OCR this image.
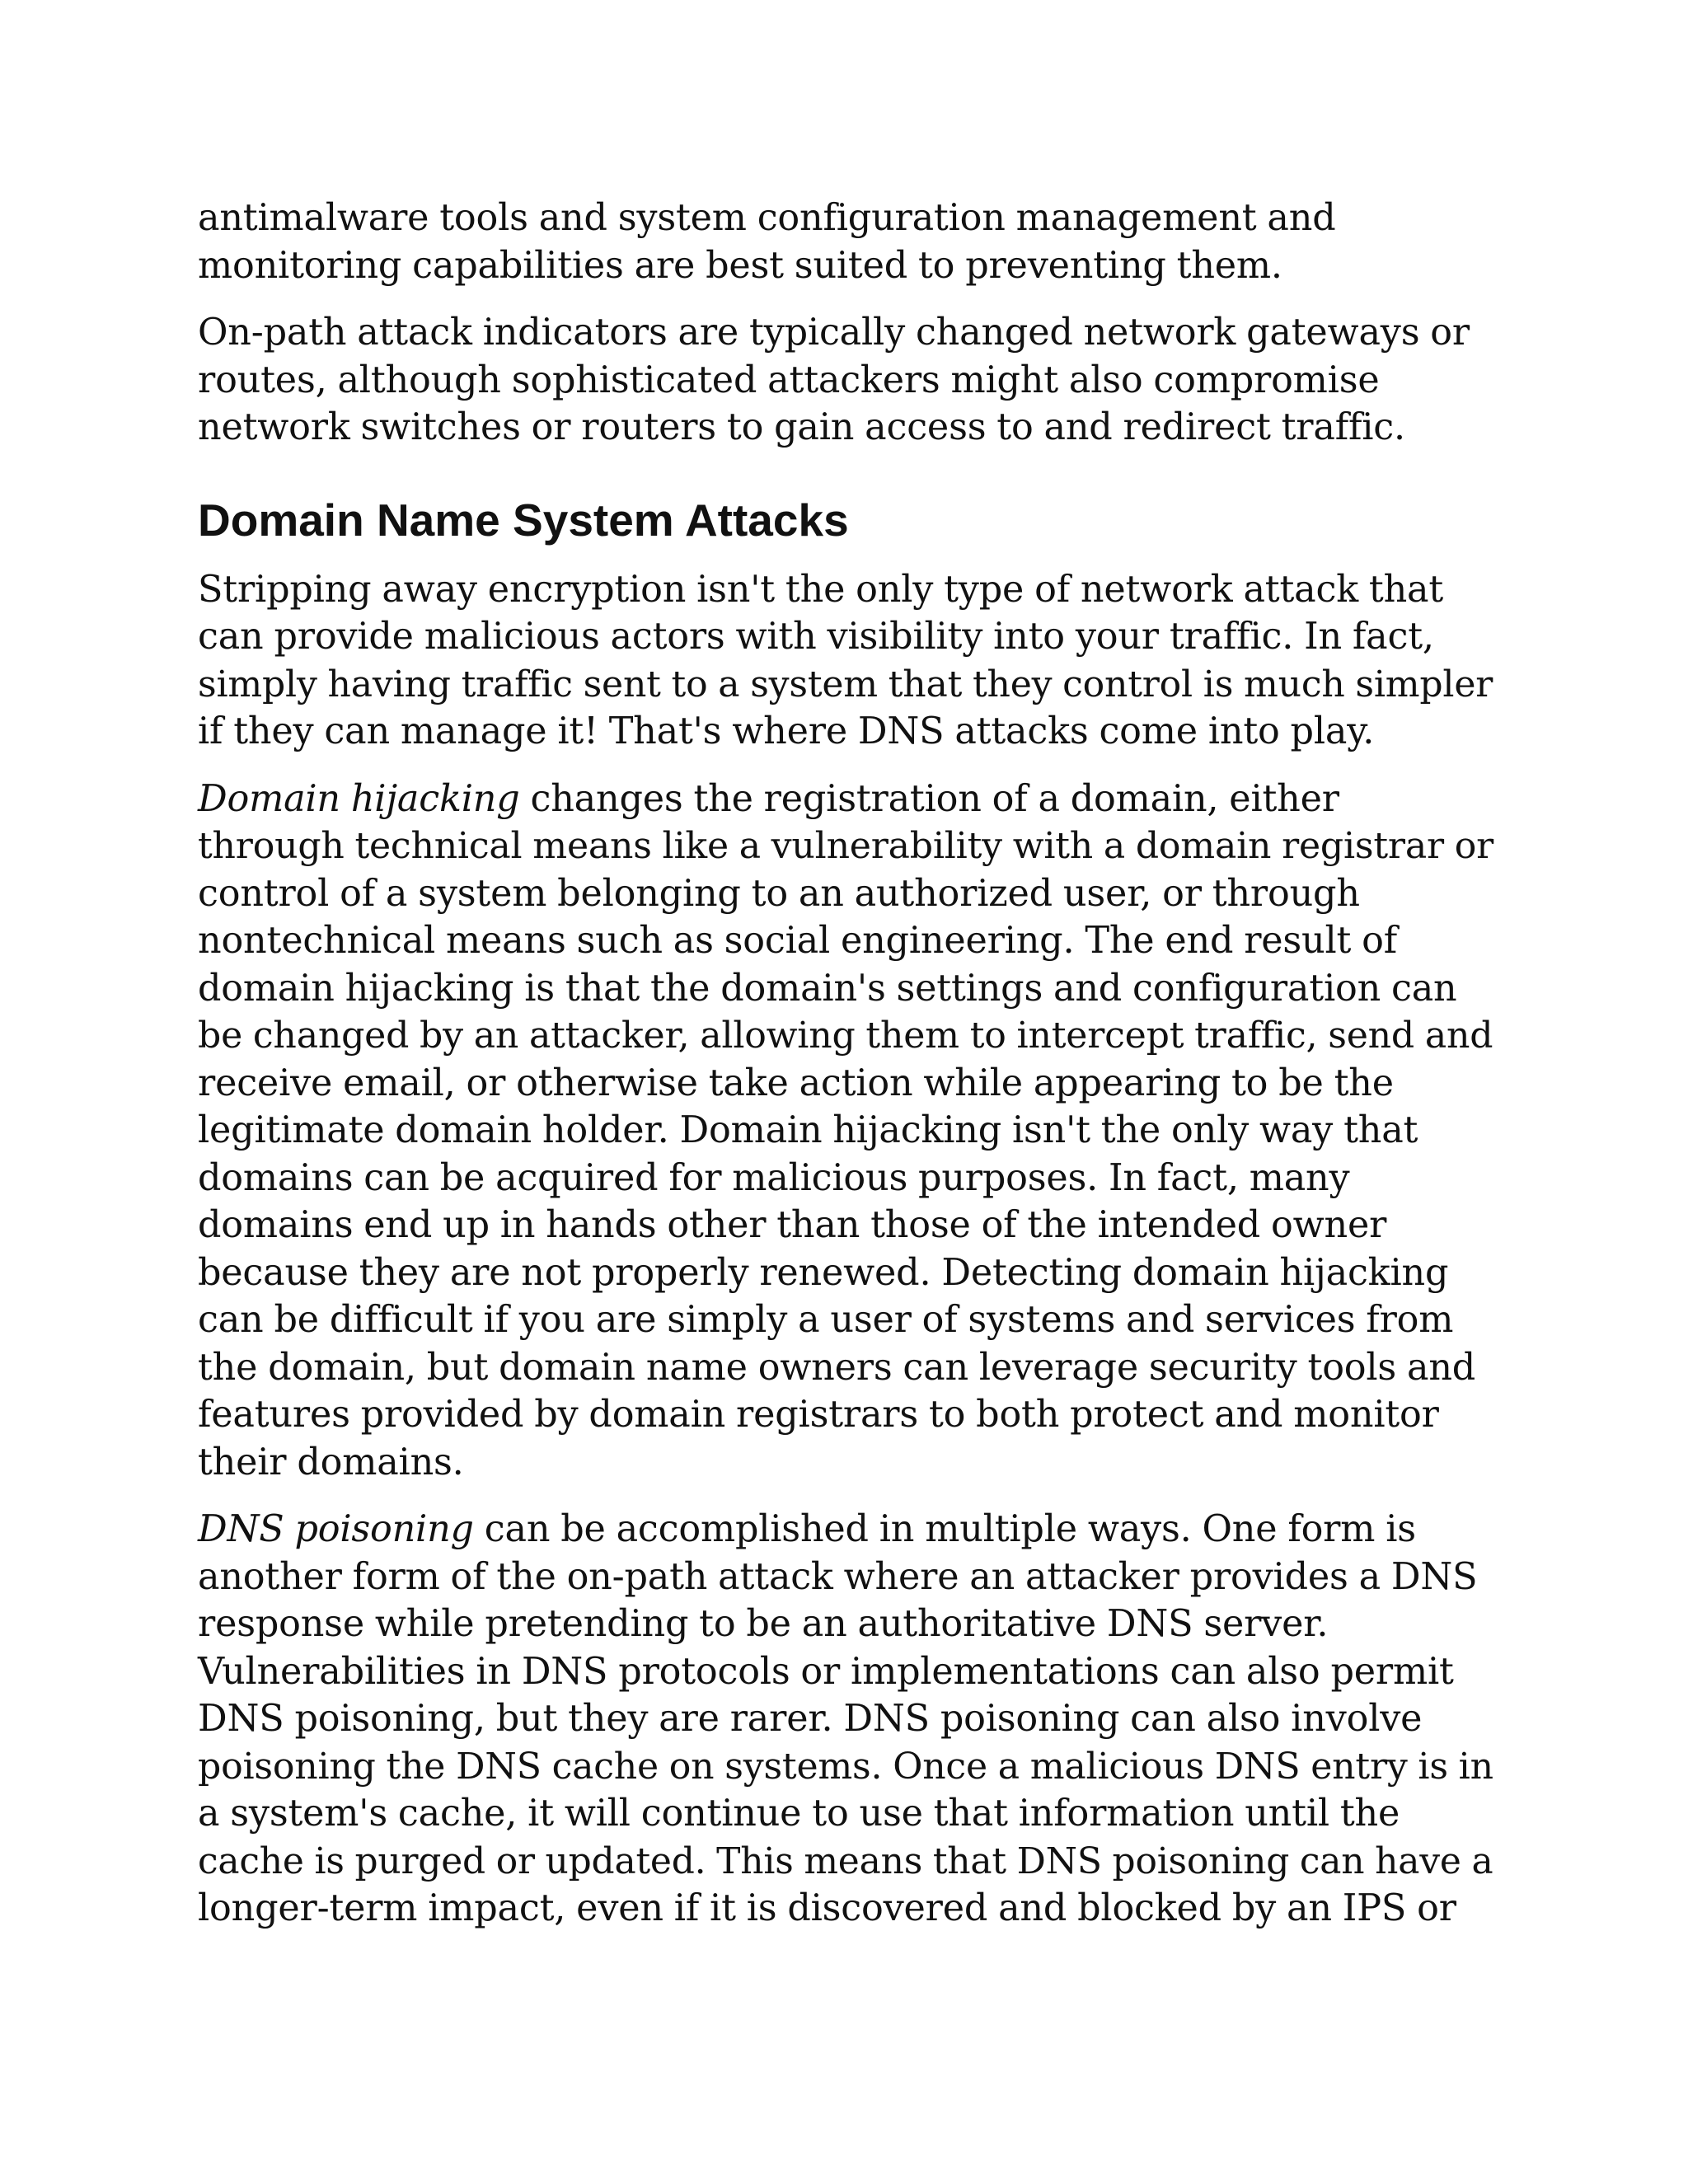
antimalware tools and system configuration management and
monitoring capabilities are best suited to preventing them.

On-path attack indicators are typically changed network gateways or
routes, although sophisticated attackers might also compromise
network switches or routers to gain access to and redirect traffic.

Domain Name System Attacks

Stripping away encryption isn't the only type of network attack that
can provide malicious actors with visibility into your traffic. In fact,
simply having traffic sent to a system that they control is much simpler
if they can manage it! That's where DNS attacks come into play.

Domain hijacking changes the registration of a domain, either
through technical means like a vulnerability with a domain registrar or
control of a system belonging to an authorized user, or through
nontechnical means such as social engineering. The end result of
domain hijacking is that the domain's settings and configuration can
be changed by an attacker, allowing them to intercept traffic, send and
receive email, or otherwise take action while appearing to be the
legitimate domain holder. Domain hijacking isn't the only way that
domains can be acquired for malicious purposes. In fact, many
domains end up in hands other than those of the intended owner
because they are not properly renewed. Detecting domain hijacking
can be difficult if you are simply a user of systems and services from
the domain, but domain name owners can leverage security tools and
features provided by domain registrars to both protect and monitor
their domains.

DNS poisoning can be accomplished in multiple ways. One form is
another form of the on-path attack where an attacker provides a DNS
response while pretending to be an authoritative DNS server.
Vulnerabilities in DNS protocols or implementations can also permit
DNS poisoning, but they are rarer. DNS poisoning can also involve
poisoning the DNS cache on systems. Once a malicious DNS entry is in
a system's cache, it will continue to use that information until the
cache is purged or updated. This means that DNS poisoning can have a
longer-term impact, even if it is discovered and blocked by an IPS or
